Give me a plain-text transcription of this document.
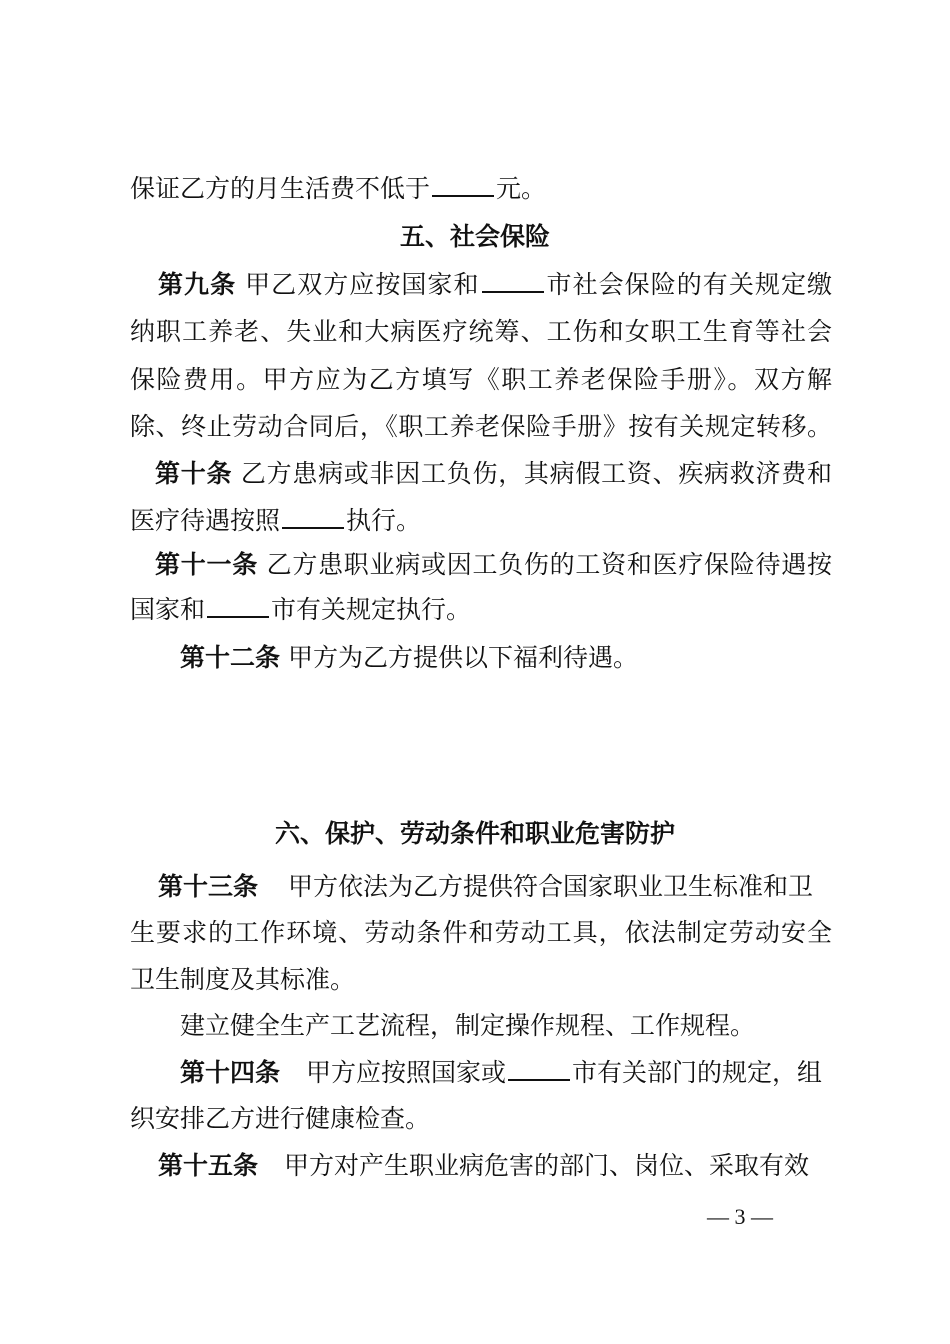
保证乙方的月生活费不低于	元。
五、社会保险
第九条 甲乙双方应按国家和	市社会保险的有关规定缴
纳职工养老、失业和大病医疗统筹、工伤和女职工生育等社会
保险费用。甲方应为乙方填写《职工养老保险手册》。双方解
除、终止劳动合同后，《职工养老保险手册》按有关规定转移。
第十条 乙方患病或非因工负伤，其病假工资、疾病救济费和
医疗待遇按照	执行。
第十一条 乙方患职业病或因工负伤的工资和医疗保险待遇按
国家和	市有关规定执行。
第十二条 甲方为乙方提供以下福利待遇。
六、保护、劳动条件和职业危害防护
第十三条 甲方依法为乙方提供符合国家职业卫生标准和卫
生要求的工作环境、劳动条件和劳动工具，依法制定劳动安全
卫生制度及其标准。
建立健全生产工艺流程，制定操作规程、工作规程。
第十四条 甲方应按照国家或	市有关部门的规定，组
织安排乙方进行健康检查。
第十五条 甲方对产生职业病危害的部门、岗位、采取有效
— 3 —
